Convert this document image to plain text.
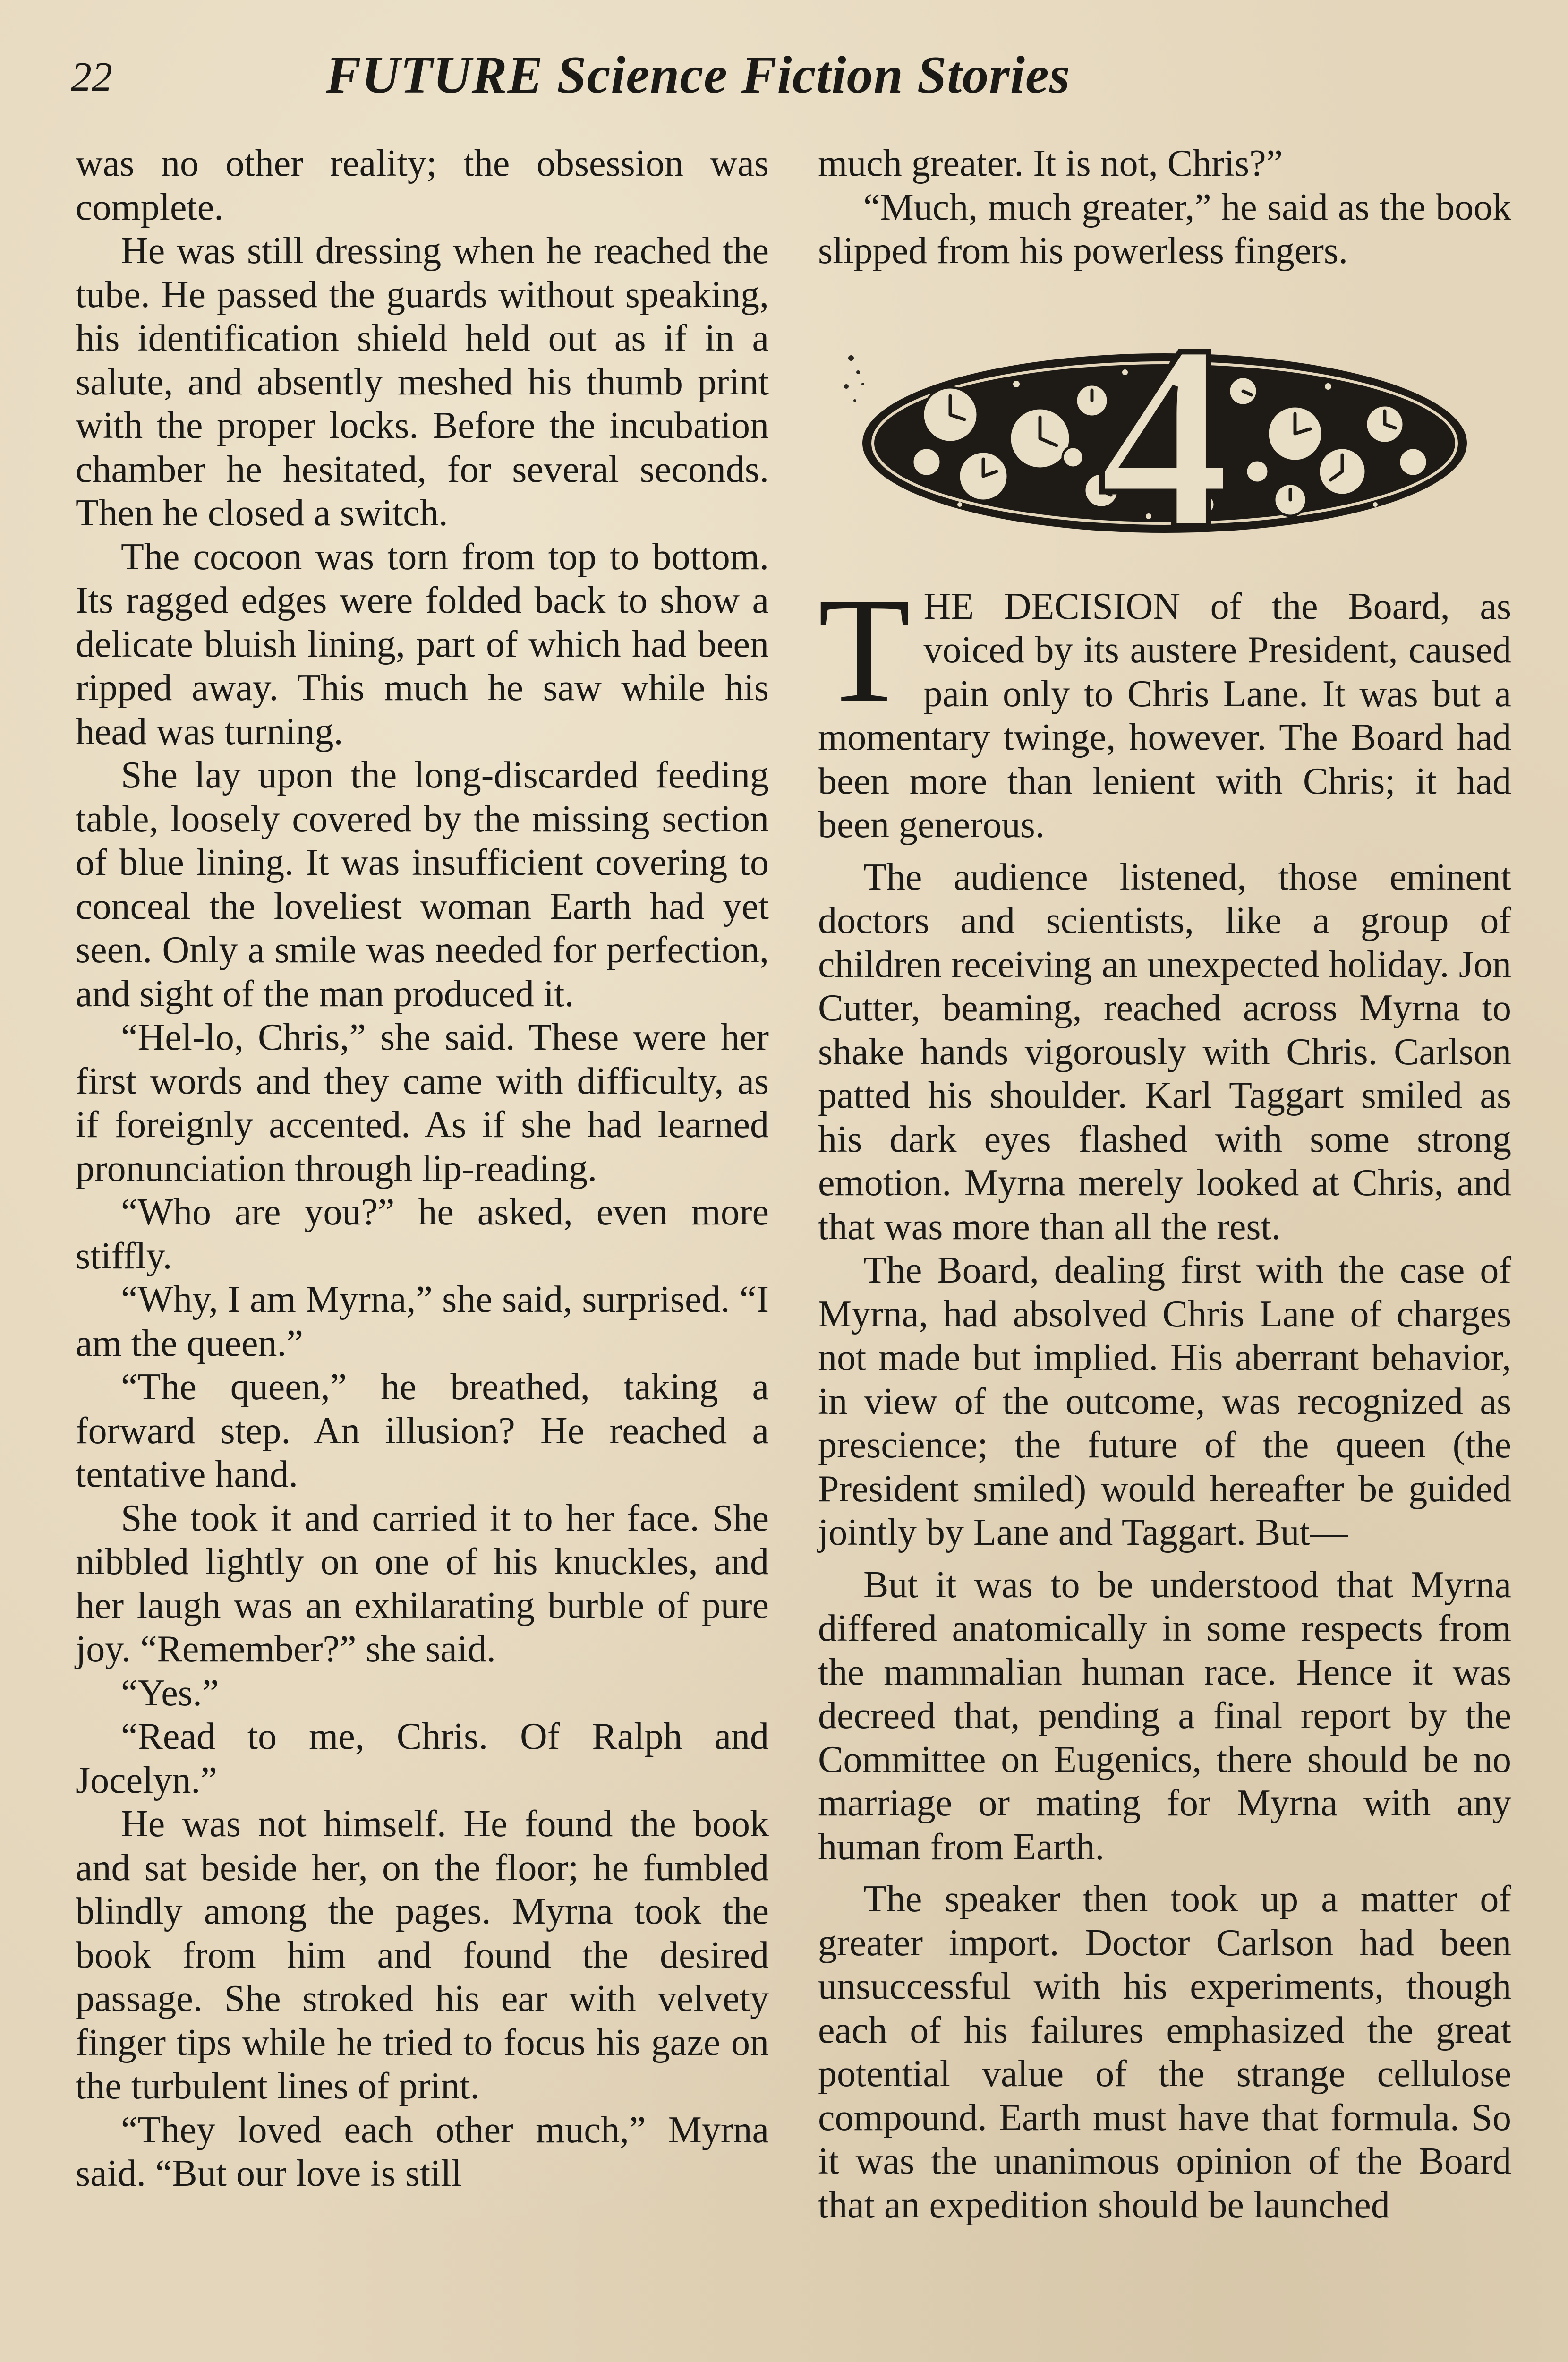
22	FUTURE Science Fiction Stories

was no other reality; the obsession was complete.

He was still dressing when he reached the tube. He passed the guards without speaking, his identification shield held out as if in a salute, and absently meshed his thumb print with the proper locks. Before the incubation chamber he hesitated, for several seconds. Then he closed a switch.

The cocoon was torn from top to bottom. Its ragged edges were folded back to show a delicate bluish lining, part of which had been ripped away. This much he saw while his head was turning.

She lay upon the long-discarded feeding table, loosely covered by the missing section of blue lining. It was insufficient covering to conceal the loveliest woman Earth had yet seen. Only a smile was needed for perfection, and sight of the man produced it.

“Hel-lo, Chris,” she said. These were her first words and they came with difficulty, as if foreignly accented. As if she had learned pronunciation through lip-reading.

“Who are you?” he asked, even more stiffly.

“Why, I am Myrna,” she said, surprised. “I am the queen.”

“The queen,” he breathed, taking a forward step. An illusion? He reached a tentative hand.

She took it and carried it to her face. She nibbled lightly on one of his knuckles, and her laugh was an exhilarating burble of pure joy. “Remember?” she said.

“Yes.”

“Read to me, Chris. Of Ralph and Jocelyn.”

He was not himself. He found the book and sat beside her, on the floor; he fumbled blindly among the pages. Myrna took the book from him and found the desired passage. She stroked his ear with velvety finger tips while he tried to focus his gaze on the turbulent lines of print.

“They loved each other much,” Myrna said. “But our love is still

much greater. It is not, Chris?”

“Much, much greater,” he said as the book slipped from his powerless fingers.

4
T HE DECISION of the Board, as voiced by its austere President, caused pain only to Chris Lane. It was but a momentary twinge, however. The Board had been more than lenient with Chris; it had been generous.

The audience listened, those eminent doctors and scientists, like a group of children receiving an unexpected holiday. Jon Cutter, beaming, reached across Myrna to shake hands vigorously with Chris. Carlson patted his shoulder. Karl Taggart smiled as his dark eyes flashed with some strong emotion. Myrna merely looked at Chris, and that was more than all the rest.

The Board, dealing first with the case of Myrna, had absolved Chris Lane of charges not made but implied. His aberrant behavior, in view of the outcome, was recognized as prescience; the future of the queen (the President smiled) would hereafter be guided jointly by Lane and Taggart. But—

But it was to be understood that Myrna differed anatomically in some respects from the mammalian human race. Hence it was decreed that, pending a final report by the Committee on Eugenics, there should be no marriage or mating for Myrna with any human from Earth.

The speaker then took up a matter of greater import. Doctor Carlson had been unsuccessful with his experiments, though each of his failures emphasized the great potential value of the strange cellulose compound. Earth must have that formula. So it was the unanimous opinion of the Board that an expedition should be launched
